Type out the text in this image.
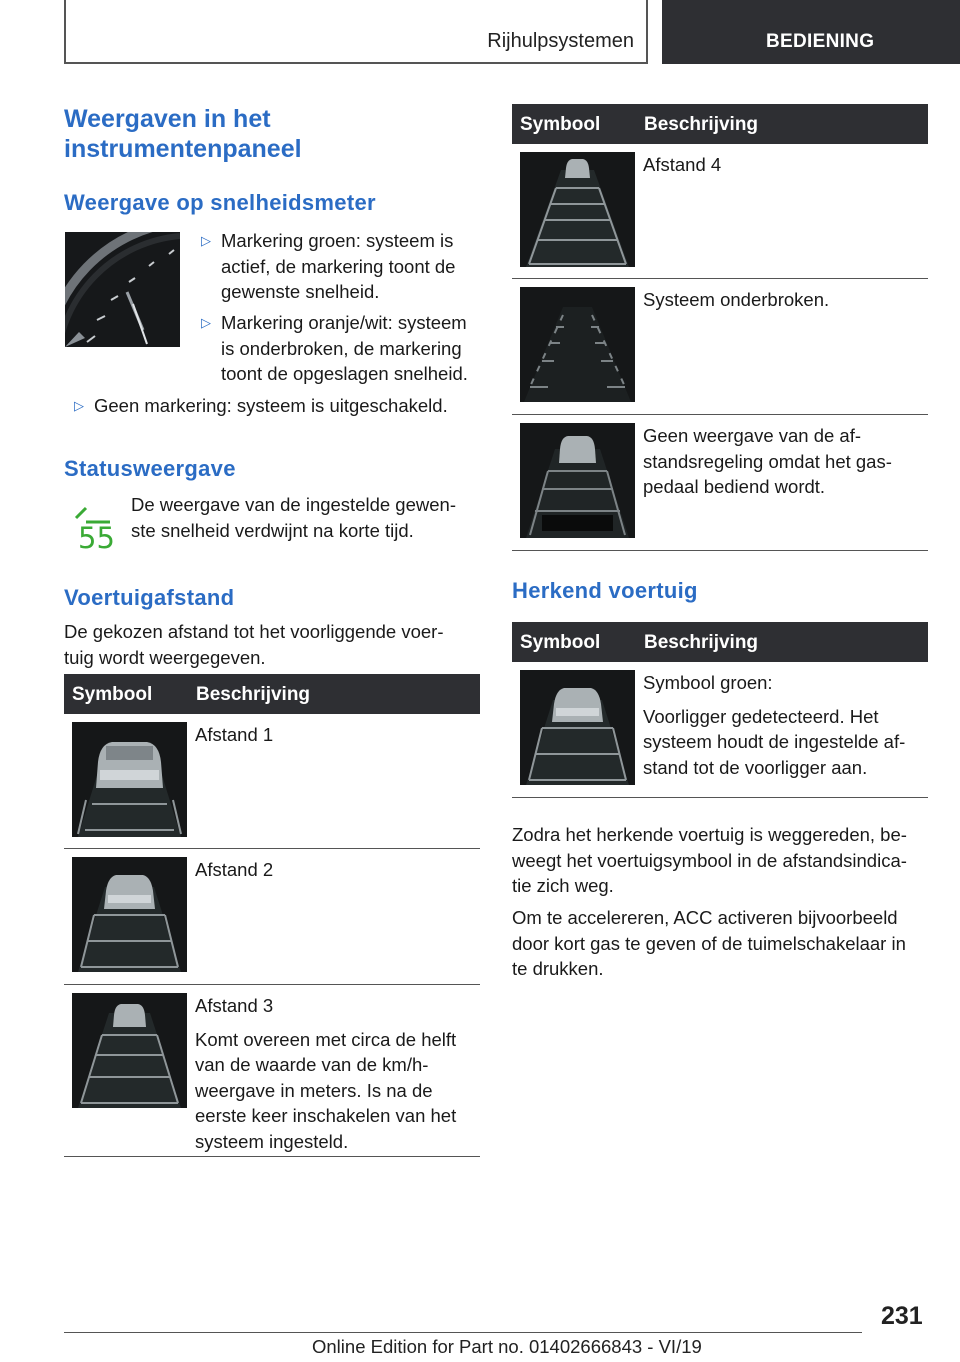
Rijhulpsystemen	BEDIENING
Weergaven in het
instrumentenpaneel
Weergave op snelheidsmeter
▷ Markering groen: systeem is
actief, de markering toont de
gewenste snelheid.
▷ Markering oranje/wit: systeem
is onderbroken, de markering
toont de opgeslagen snelheid.
▷ Geen markering: systeem is uitgeschakeld.
Statusweergave
55
De weergave van de ingestelde gewen‐
ste snelheid verdwijnt na korte tijd.
Voertuigafstand
De gekozen afstand tot het voorliggende voer‐
tuig wordt weergegeven.
Symbool Beschrijving

Afstand 1

Afstand 2

Afstand 3

Komt overeen met circa de helft
van de waarde van de km/h-
weergave in meters. Is na de
eerste keer inschakelen van het
systeem ingesteld.

Symbool Beschrijving

Afstand 4

Systeem onderbroken.

Geen weergave van de af‐
standsregeling omdat het gas‐
pedaal bediend wordt.

Herkend voertuig
Symbool Beschrijving

Symbool groen:

Voorligger gedetecteerd. Het
systeem houdt de ingestelde af‐
stand tot de voorligger aan.

Zodra het herkende voertuig is weggereden, be‐
weegt het voertuigsymbool in de afstandsindica‐
tie zich weg.
Om te accelereren, ACC activeren bijvoorbeeld
door kort gas te geven of de tuimelschakelaar in
te drukken.
231
Online Edition for Part no. 01402666843 - VI/19
